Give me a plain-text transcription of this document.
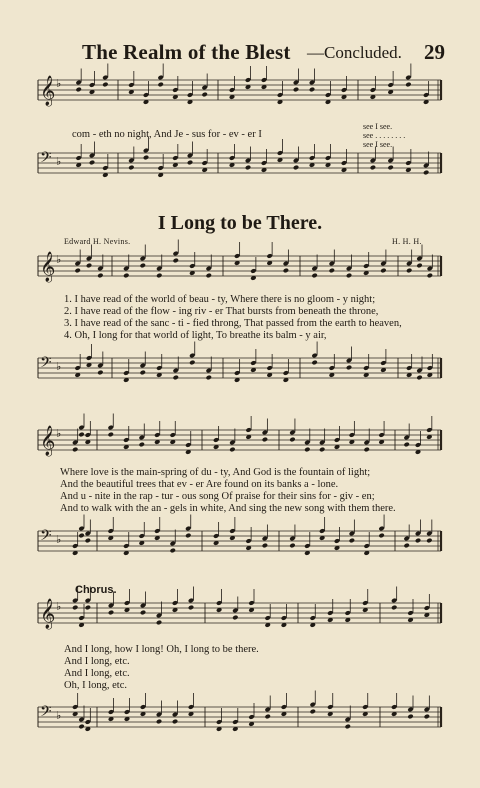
The Realm of the Blest —Concluded. 29
𝄞 ♭
𝄢 ♭
com - eth no night, And Je - sus for - ev - er I
see I see.
see . . . . . . . .
see I see.
I Long to be There.
Edward H. Nevins.	H. H. H.
𝄞 ♭
1. I have read of the world of beau - ty, Where there is no gloom - y night;
2. I have read of the flow - ing riv - er That bursts from beneath the throne,
3. I have read of the sanc - ti - fied throng, That passed from the earth to heaven,
4. Oh, I long for that world of light, To breathe its balm - y air,
𝄢 ♭
𝄞 ♭
Where love is the main-spring of du - ty, And God is the fountain of light;
And the beautiful trees that ev - er Are found on its banks a - lone.
And u - nite in the rap - tur - ous song Of praise for their sins for - giv - en;
And to walk with the an - gels in white, And sing the new song with them there.
𝄢 ♭
Chorus.
𝄞 ♭
And I long, how I long! Oh, I long to be there.
And I long, etc.
And I long, etc.
Oh, I long, etc.
𝄢 ♭
